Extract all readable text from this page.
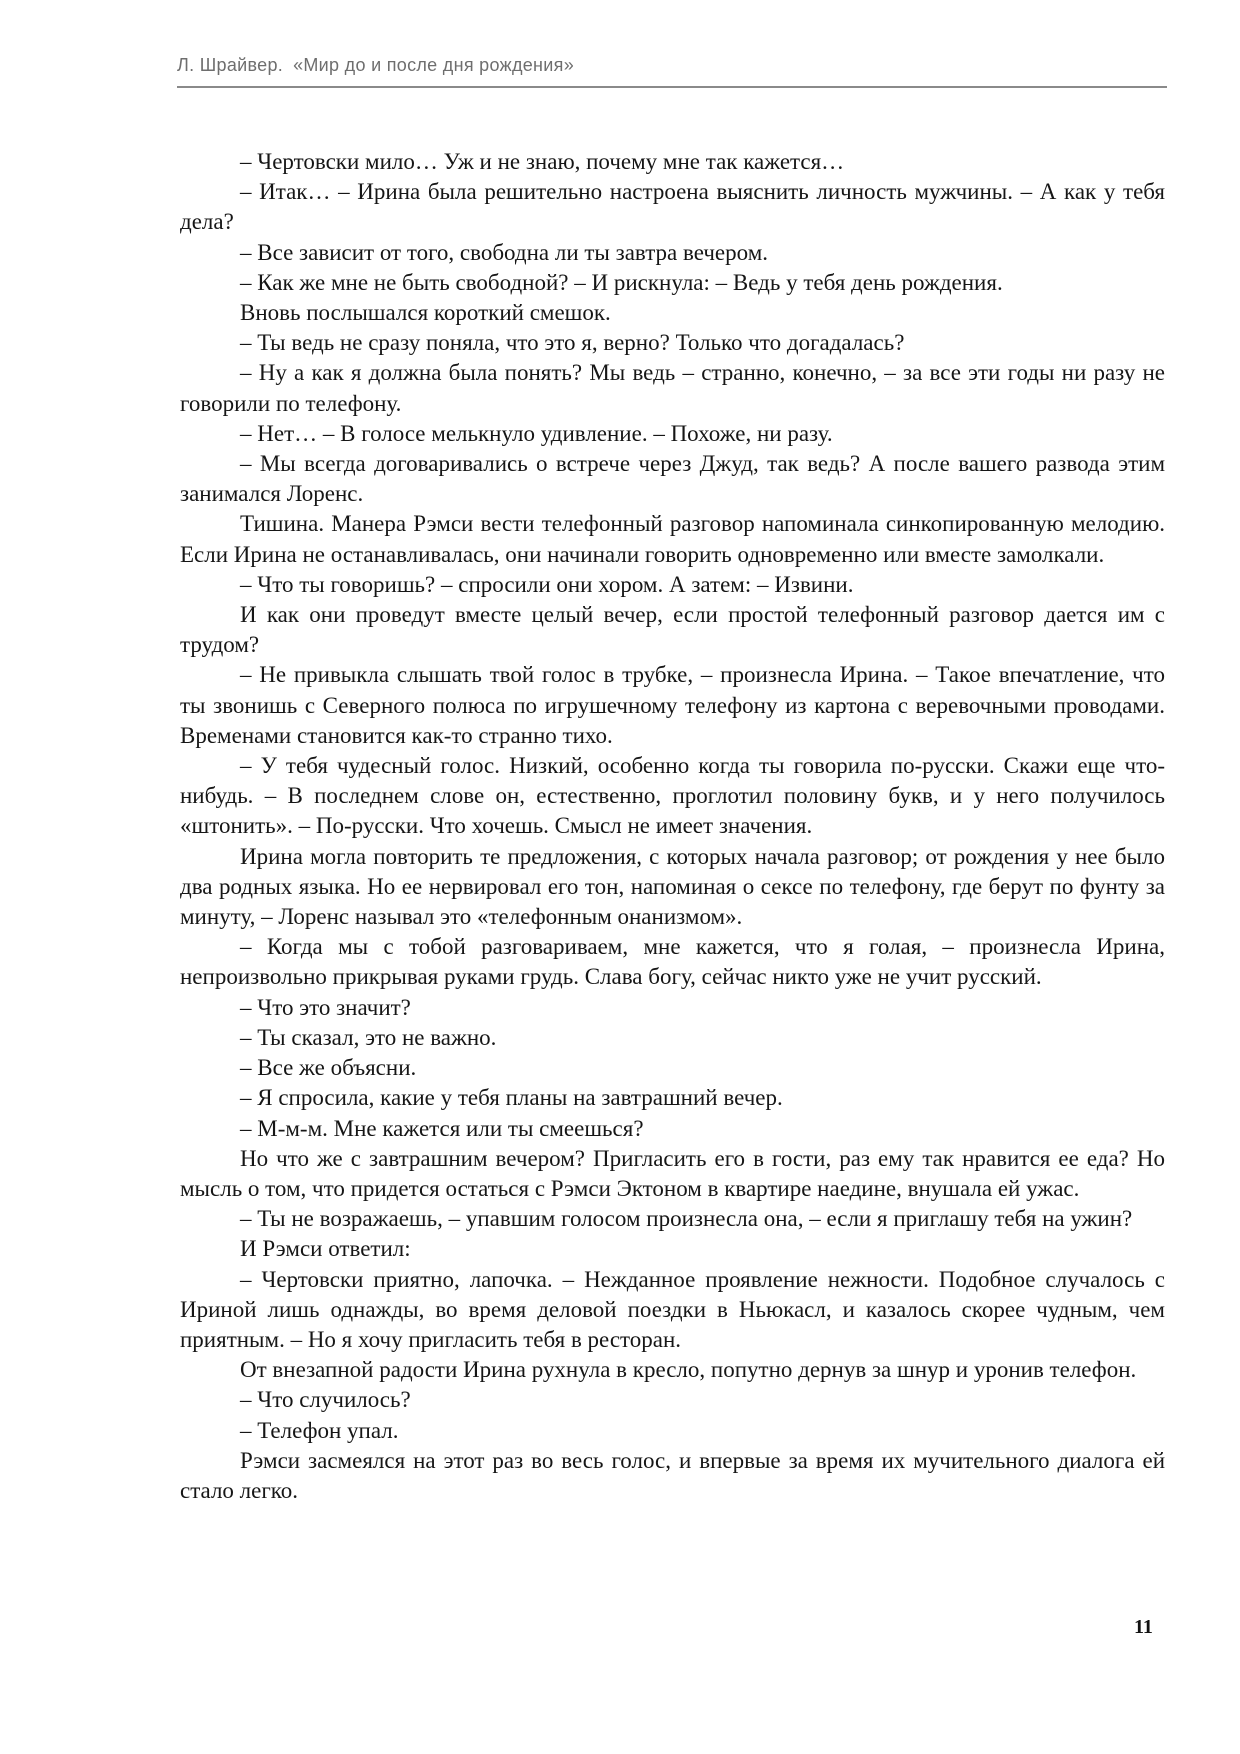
Л. Шрайвер. «Мир до и после дня рождения»

– Чертовски мило… Уж и не знаю, почему мне так кажется…

– Итак… – Ирина была решительно настроена выяснить личность мужчины. – А как у тебя дела?

– Все зависит от того, свободна ли ты завтра вечером.

– Как же мне не быть свободной? – И рискнула: – Ведь у тебя день рождения.

Вновь послышался короткий смешок.

– Ты ведь не сразу поняла, что это я, верно? Только что догадалась?

– Ну а как я должна была понять? Мы ведь – странно, конечно, – за все эти годы ни разу не говорили по телефону.

– Нет… – В голосе мелькнуло удивление. – Похоже, ни разу.

– Мы всегда договаривались о встрече через Джуд, так ведь? А после вашего развода этим занимался Лоренс.

Тишина. Манера Рэмси вести телефонный разговор напоминала синкопированную мелодию. Если Ирина не останавливалась, они начинали говорить одновременно или вместе замолкали.

– Что ты говоришь? – спросили они хором. А затем: – Извини.

И как они проведут вместе целый вечер, если простой телефонный разговор дается им с трудом?

– Не привыкла слышать твой голос в трубке, – произнесла Ирина. – Такое впечатление, что ты звонишь с Северного полюса по игрушечному телефону из картона с веревочными проводами. Временами становится как-то странно тихо.

– У тебя чудесный голос. Низкий, особенно когда ты говорила по-русски. Скажи еще что-нибудь. – В последнем слове он, естественно, проглотил половину букв, и у него получилось «штонить». – По-русски. Что хочешь. Смысл не имеет значения.

Ирина могла повторить те предложения, с которых начала разговор; от рождения у нее было два родных языка. Но ее нервировал его тон, напоминая о сексе по телефону, где берут по фунту за минуту, – Лоренс называл это «телефонным онанизмом».

– Когда мы с тобой разговариваем, мне кажется, что я голая, – произнесла Ирина, непроизвольно прикрывая руками грудь. Слава богу, сейчас никто уже не учит русский.

– Что это значит?

– Ты сказал, это не важно.

– Все же объясни.

– Я спросила, какие у тебя планы на завтрашний вечер.

– М-м-м. Мне кажется или ты смеешься?

Но что же с завтрашним вечером? Пригласить его в гости, раз ему так нравится ее еда? Но мысль о том, что придется остаться с Рэмси Эктоном в квартире наедине, внушала ей ужас.

– Ты не возражаешь, – упавшим голосом произнесла она, – если я приглашу тебя на ужин?

И Рэмси ответил:

– Чертовски приятно, лапочка. – Нежданное проявление нежности. Подобное случалось с Ириной лишь однажды, во время деловой поездки в Ньюкасл, и казалось скорее чудным, чем приятным. – Но я хочу пригласить тебя в ресторан.

От внезапной радости Ирина рухнула в кресло, попутно дернув за шнур и уронив телефон.

– Что случилось?

– Телефон упал.

Рэмси засмеялся на этот раз во весь голос, и впервые за время их мучительного диалога ей стало легко.

11
